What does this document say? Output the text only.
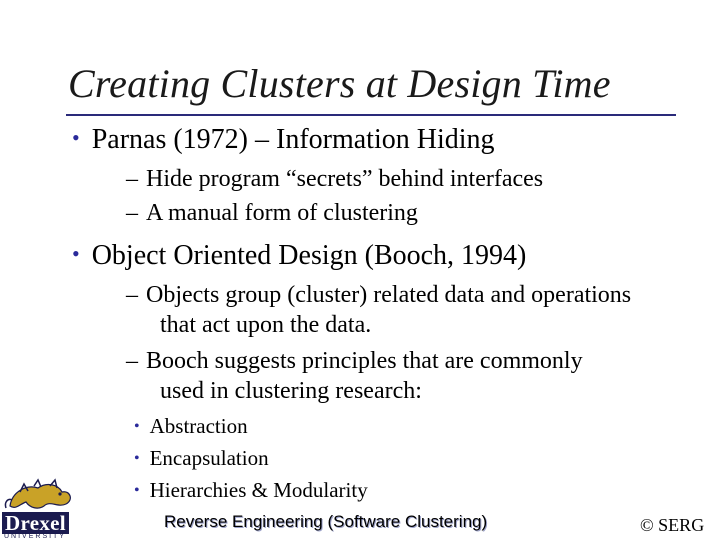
Creating Clusters at Design Time
• Parnas (1972) – Information Hiding
– Hide program “secrets” behind interfaces
– A manual form of clustering
• Object Oriented Design (Booch, 1994)
– Objects group (cluster) related data and operations
that act upon the data.
– Booch suggests principles that are commonly
used in clustering research:
• Abstraction
• Encapsulation
• Hierarchies & Modularity
Reverse Engineering (Software Clustering)	© SERG
Drexel
UNIVERSITY
